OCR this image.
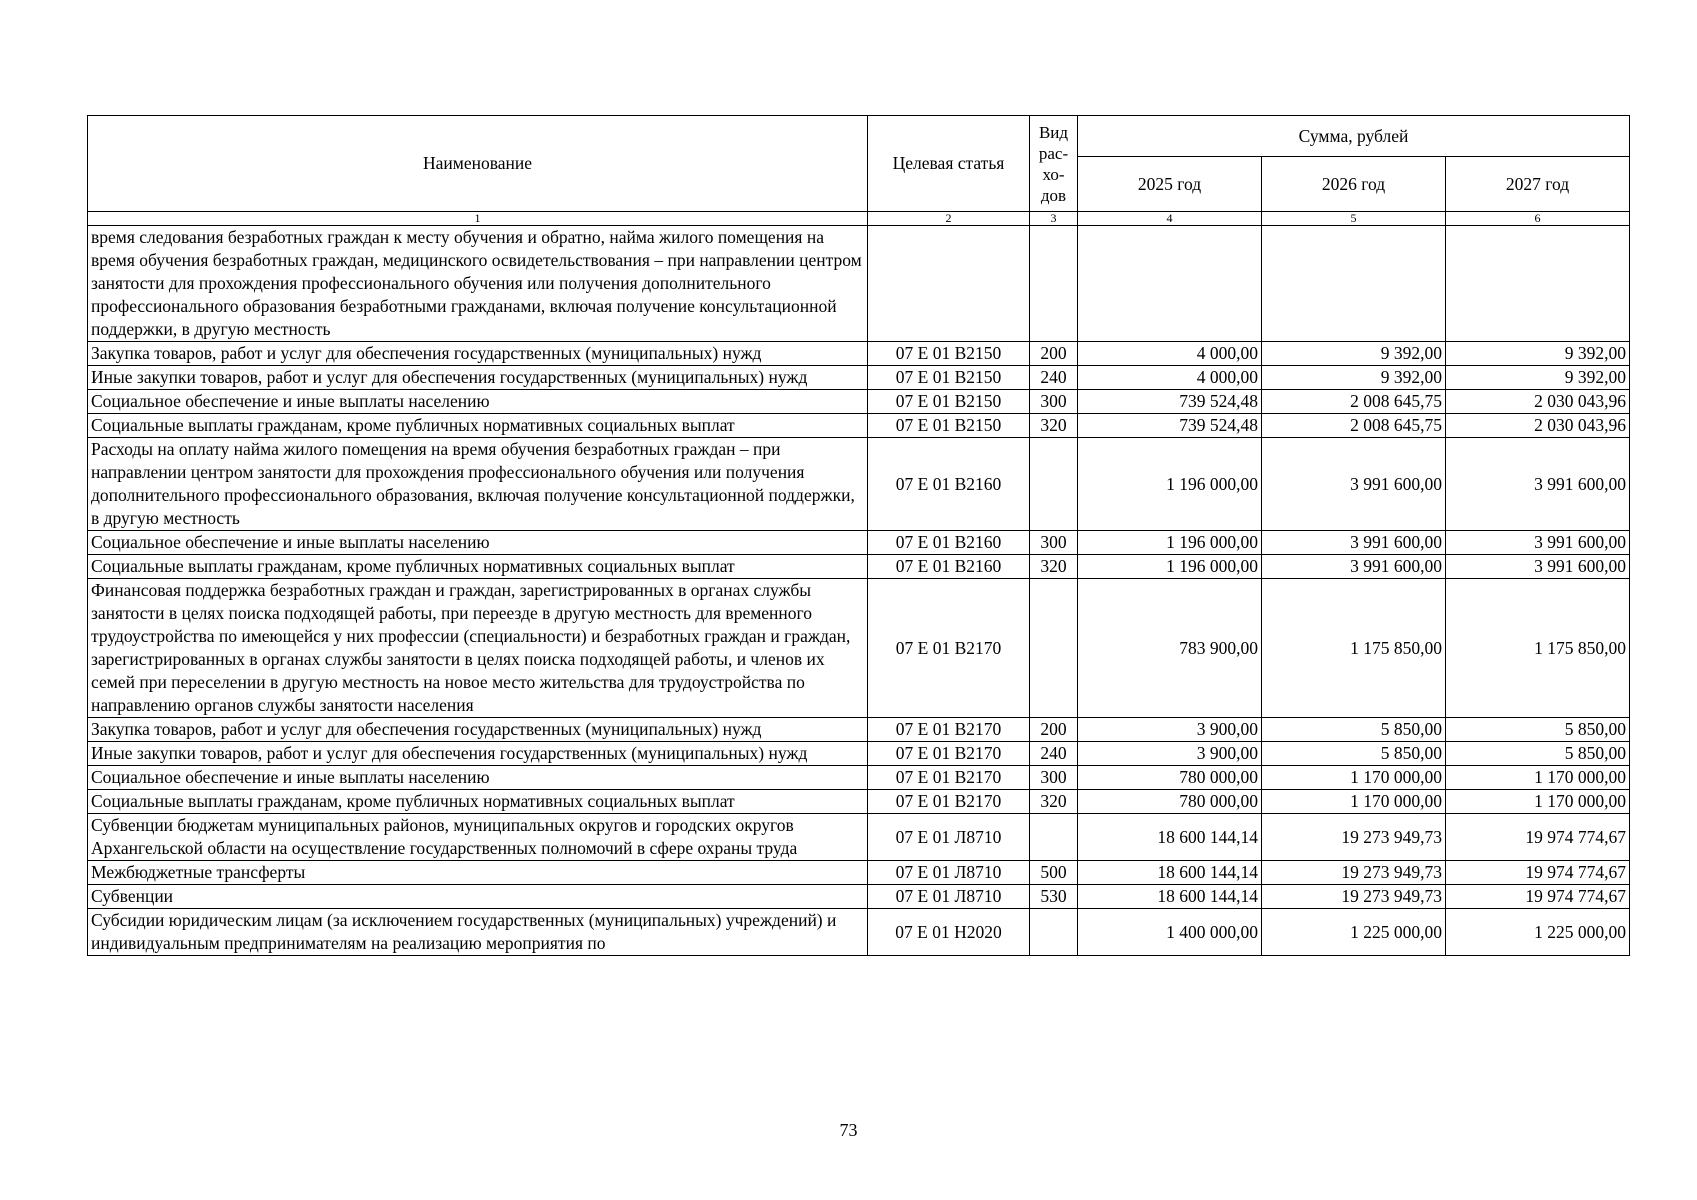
Наименование	Целевая статья	Вид рас-хо-дов	Сумма, рублей		
			2025 год	2026 год	2027 год
1	2	3	4	5	6
время следования безработных граждан к месту обучения и обратно, найма жилого помещения на время обучения безработных граждан, медицинского освидетельствования – при направлении центром занятости для прохождения профессионального обучения или получения дополнительного профессионального образования безработными гражданами, включая получение консультационной поддержки, в другую местность					
Закупка товаров, работ и услуг для обеспечения государственных (муниципальных) нужд	07 Е 01 В2150	200	4 000,00	9 392,00	9 392,00
Иные закупки товаров, работ и услуг для обеспечения государственных (муниципальных) нужд	07 Е 01 В2150	240	4 000,00	9 392,00	9 392,00
Социальное обеспечение и иные выплаты населению	07 Е 01 В2150	300	739 524,48	2 008 645,75	2 030 043,96
Социальные выплаты гражданам, кроме публичных нормативных социальных выплат	07 Е 01 В2150	320	739 524,48	2 008 645,75	2 030 043,96
Расходы на оплату найма жилого помещения на время обучения безработных граждан – при направлении центром занятости для прохождения профессионального обучения или получения дополнительного профессионального образования, включая получение консультационной поддержки, в другую местность	07 Е 01 В2160		1 196 000,00	3 991 600,00	3 991 600,00
Социальное обеспечение и иные выплаты населению	07 Е 01 В2160	300	1 196 000,00	3 991 600,00	3 991 600,00
Социальные выплаты гражданам, кроме публичных нормативных социальных выплат	07 Е 01 В2160	320	1 196 000,00	3 991 600,00	3 991 600,00
Финансовая поддержка безработных граждан и граждан, зарегистрированных в органах службы занятости в целях поиска подходящей работы, при переезде в другую местность для временного трудоустройства по имеющейся у них профессии (специальности) и безработных граждан и граждан, зарегистрированных в органах службы занятости в целях поиска подходящей работы, и членов их семей при переселении в другую местность на новое место жительства для трудоустройства по направлению органов службы занятости населения	07 Е 01 В2170		783 900,00	1 175 850,00	1 175 850,00
Закупка товаров, работ и услуг для обеспечения государственных (муниципальных) нужд	07 Е 01 В2170	200	3 900,00	5 850,00	5 850,00
Иные закупки товаров, работ и услуг для обеспечения государственных (муниципальных) нужд	07 Е 01 В2170	240	3 900,00	5 850,00	5 850,00
Социальное обеспечение и иные выплаты населению	07 Е 01 В2170	300	780 000,00	1 170 000,00	1 170 000,00
Социальные выплаты гражданам, кроме публичных нормативных социальных выплат	07 Е 01 В2170	320	780 000,00	1 170 000,00	1 170 000,00
Субвенции бюджетам муниципальных районов, муниципальных округов и городских округов Архангельской области на осуществление государственных полномочий в сфере охраны труда	07 Е 01 Л8710		18 600 144,14	19 273 949,73	19 974 774,67
Межбюджетные трансферты	07 Е 01 Л8710	500	18 600 144,14	19 273 949,73	19 974 774,67
Субвенции	07 Е 01 Л8710	530	18 600 144,14	19 273 949,73	19 974 774,67
Субсидии юридическим лицам (за исключением государственных (муниципальных) учреждений) и индивидуальным предпринимателям на реализацию мероприятия по	07 Е 01 Н2020		1 400 000,00	1 225 000,00	1 225 000,00
73
